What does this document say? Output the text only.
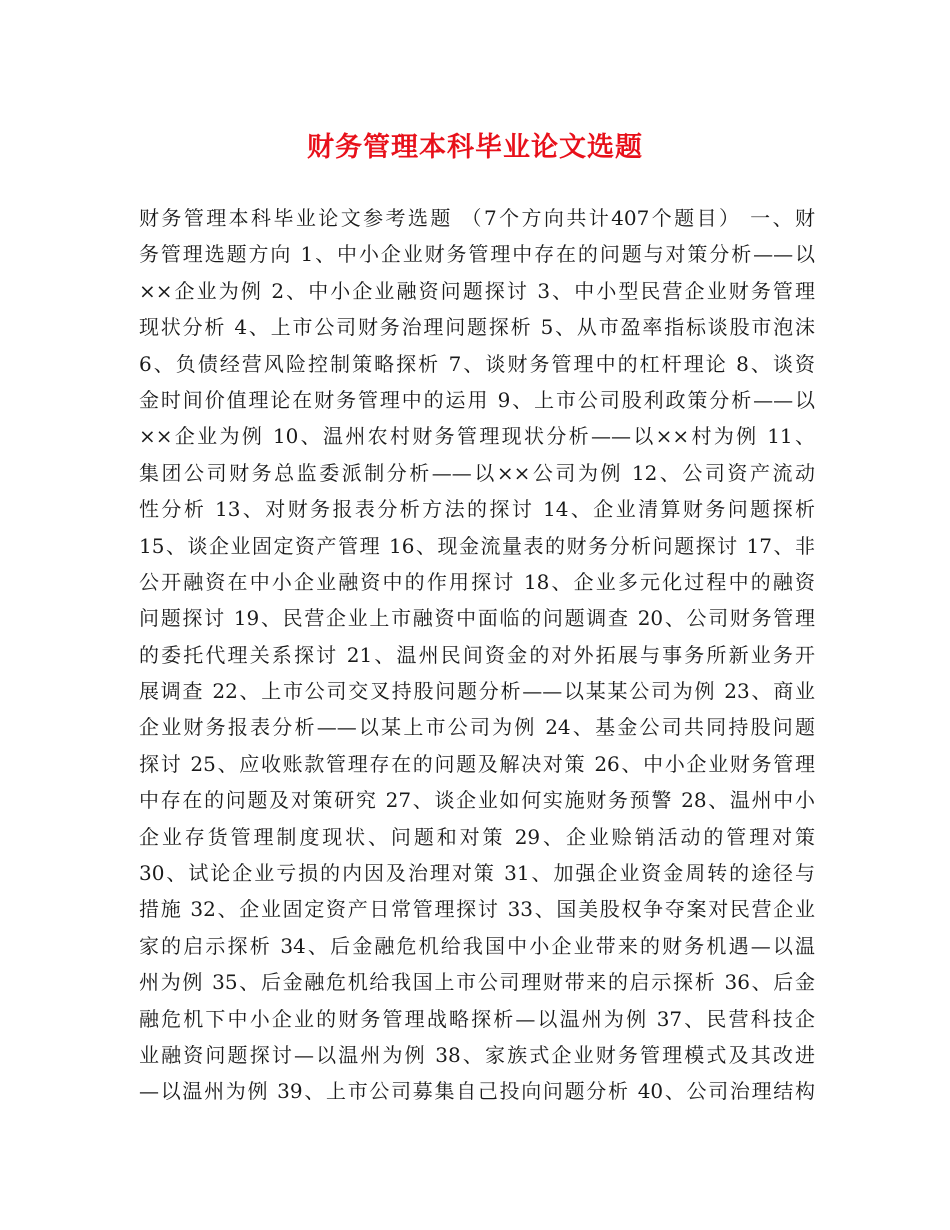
财务管理本科毕业论文选题
财务管理本科毕业论文参考选题 （7个方向共计407个题目） 一、财
务管理选题方向 1、中小企业财务管理中存在的问题与对策分析——以
××企业为例 2、中小企业融资问题探讨 3、中小型民营企业财务管理
现状分析 4、上市公司财务治理问题探析 5、从市盈率指标谈股市泡沫
6、负债经营风险控制策略探析 7、谈财务管理中的杠杆理论 8、谈资
金时间价值理论在财务管理中的运用 9、上市公司股利政策分析——以
××企业为例 10、温州农村财务管理现状分析——以××村为例 11、
集团公司财务总监委派制分析——以××公司为例 12、公司资产流动
性分析 13、对财务报表分析方法的探讨 14、企业清算财务问题探析
15、谈企业固定资产管理 16、现金流量表的财务分析问题探讨 17、非
公开融资在中小企业融资中的作用探讨 18、企业多元化过程中的融资
问题探讨 19、民营企业上市融资中面临的问题调查 20、公司财务管理
的委托代理关系探讨 21、温州民间资金的对外拓展与事务所新业务开
展调查 22、上市公司交叉持股问题分析——以某某公司为例 23、商业
企业财务报表分析——以某上市公司为例 24、基金公司共同持股问题
探讨 25、应收账款管理存在的问题及解决对策 26、中小企业财务管理
中存在的问题及对策研究 27、谈企业如何实施财务预警 28、温州中小
企业存货管理制度现状、问题和对策 29、企业赊销活动的管理对策
30、试论企业亏损的内因及治理对策 31、加强企业资金周转的途径与
措施 32、企业固定资产日常管理探讨 33、国美股权争夺案对民营企业
家的启示探析 34、后金融危机给我国中小企业带来的财务机遇—以温
州为例 35、后金融危机给我国上市公司理财带来的启示探析 36、后金
融危机下中小企业的财务管理战略探析—以温州为例 37、民营科技企
业融资问题探讨—以温州为例 38、家族式企业财务管理模式及其改进
—以温州为例 39、上市公司募集自己投向问题分析 40、公司治理结构
